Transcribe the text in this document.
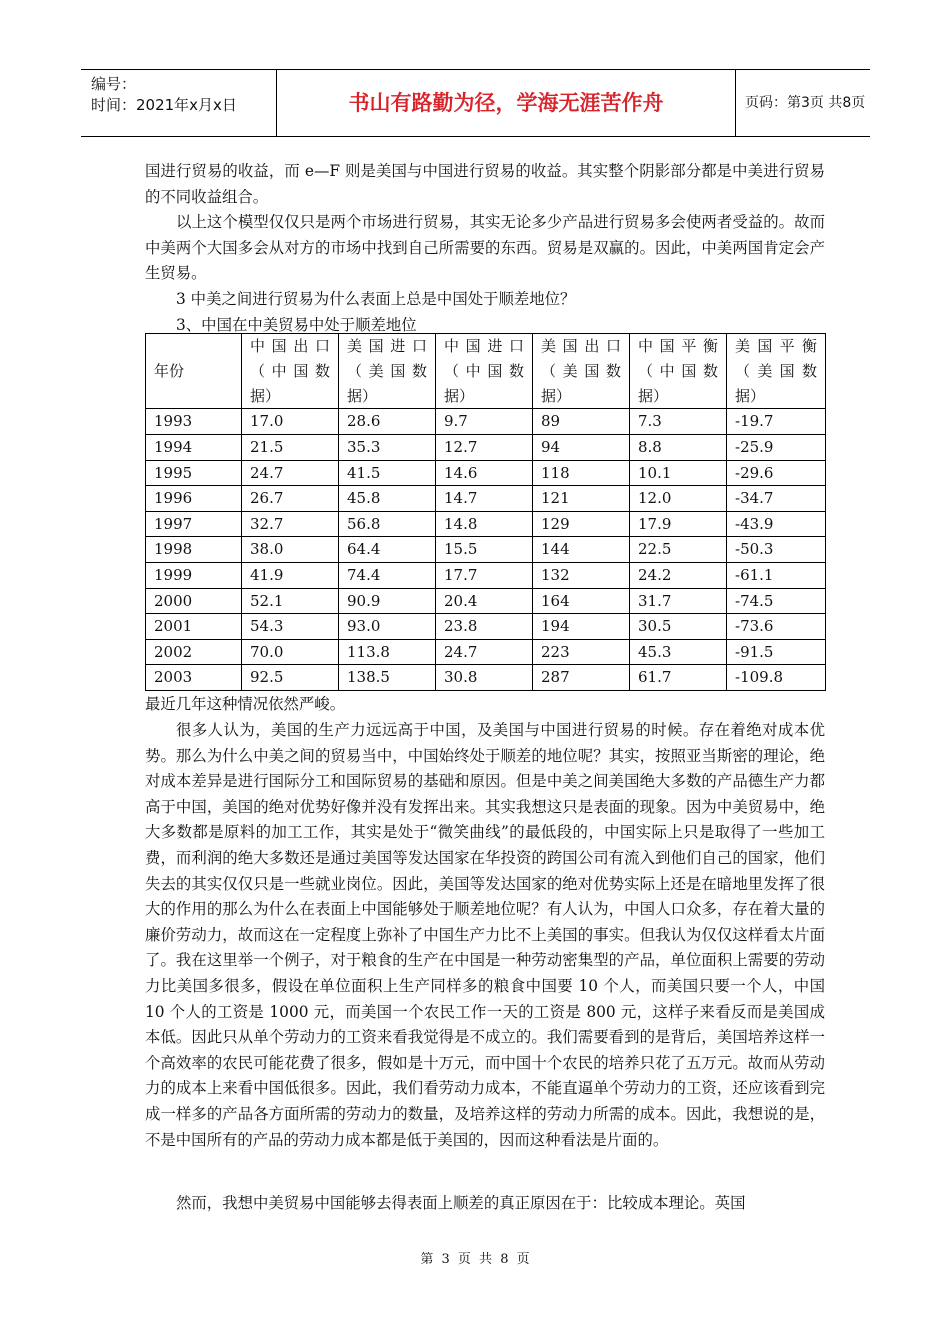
编号：
时间：2021年x月x日	书山有路勤为径，学海无涯苦作舟	页码：第3页 共8页
国进行贸易的收益，而 e—F 则是美国与中国进行贸易的收益。其实整个阴影部分都是中美进行贸易的不同收益组合。
以上这个模型仅仅只是两个市场进行贸易，其实无论多少产品进行贸易多会使两者受益的。故而中美两个大国多会从对方的市场中找到自己所需要的东西。贸易是双赢的。因此，中美两国肯定会产生贸易。
3 中美之间进行贸易为什么表面上总是中国处于顺差地位？
3、中国在中美贸易中处于顺差地位
年份	中国出口（中国数据）	美国进口（美国数据）	中国进口（中国数据）	美国出口（美国数据）	中国平衡（中国数据）	美国平衡（美国数据）

1993	17.0	28.6	9.7	89	7.3	-19.7
1994	21.5	35.3	12.7	94	8.8	-25.9
1995	24.7	41.5	14.6	118	10.1	-29.6
1996	26.7	45.8	14.7	121	12.0	-34.7
1997	32.7	56.8	14.8	129	17.9	-43.9
1998	38.0	64.4	15.5	144	22.5	-50.3
1999	41.9	74.4	17.7	132	24.2	-61.1
2000	52.1	90.9	20.4	164	31.7	-74.5
2001	54.3	93.0	23.8	194	30.5	-73.6
2002	70.0	113.8	24.7	223	45.3	-91.5
2003	92.5	138.5	30.8	287	61.7	-109.8
最近几年这种情况依然严峻。
很多人认为，美国的生产力远远高于中国，及美国与中国进行贸易的时候。存在着绝对成本优势。那么为什么中美之间的贸易当中，中国始终处于顺差的地位呢？其实，按照亚当斯密的理论，绝对成本差异是进行国际分工和国际贸易的基础和原因。但是中美之间美国绝大多数的产品德生产力都高于中国，美国的绝对优势好像并没有发挥出来。其实我想这只是表面的现象。因为中美贸易中，绝大多数都是原料的加工工作，其实是处于“微笑曲线”的最低段的，中国实际上只是取得了一些加工费，而利润的绝大多数还是通过美国等发达国家在华投资的跨国公司有流入到他们自己的国家，他们失去的其实仅仅只是一些就业岗位。因此，美国等发达国家的绝对优势实际上还是在暗地里发挥了很大的作用的那么为什么在表面上中国能够处于顺差地位呢？有人认为，中国人口众多，存在着大量的廉价劳动力，故而这在一定程度上弥补了中国生产力比不上美国的事实。但我认为仅仅这样看太片面了。我在这里举一个例子，对于粮食的生产在中国是一种劳动密集型的产品，单位面积上需要的劳动力比美国多很多，假设在单位面积上生产同样多的粮食中国要 10 个人，而美国只要一个人，中国 10 个人的工资是 1000 元，而美国一个农民工作一天的工资是 800 元，这样子来看反而是美国成本低。因此只从单个劳动力的工资来看我觉得是不成立的。我们需要看到的是背后，美国培养这样一个高效率的农民可能花费了很多，假如是十万元，而中国十个农民的培养只花了五万元。故而从劳动力的成本上来看中国低很多。因此，我们看劳动力成本，不能直逼单个劳动力的工资，还应该看到完成一样多的产品各方面所需的劳动力的数量，及培养这样的劳动力所需的成本。因此，我想说的是，不是中国所有的产品的劳动力成本都是低于美国的，因而这种看法是片面的。
然而，我想中美贸易中国能够去得表面上顺差的真正原因在于：比较成本理论。英国
第 3 页 共 8 页
